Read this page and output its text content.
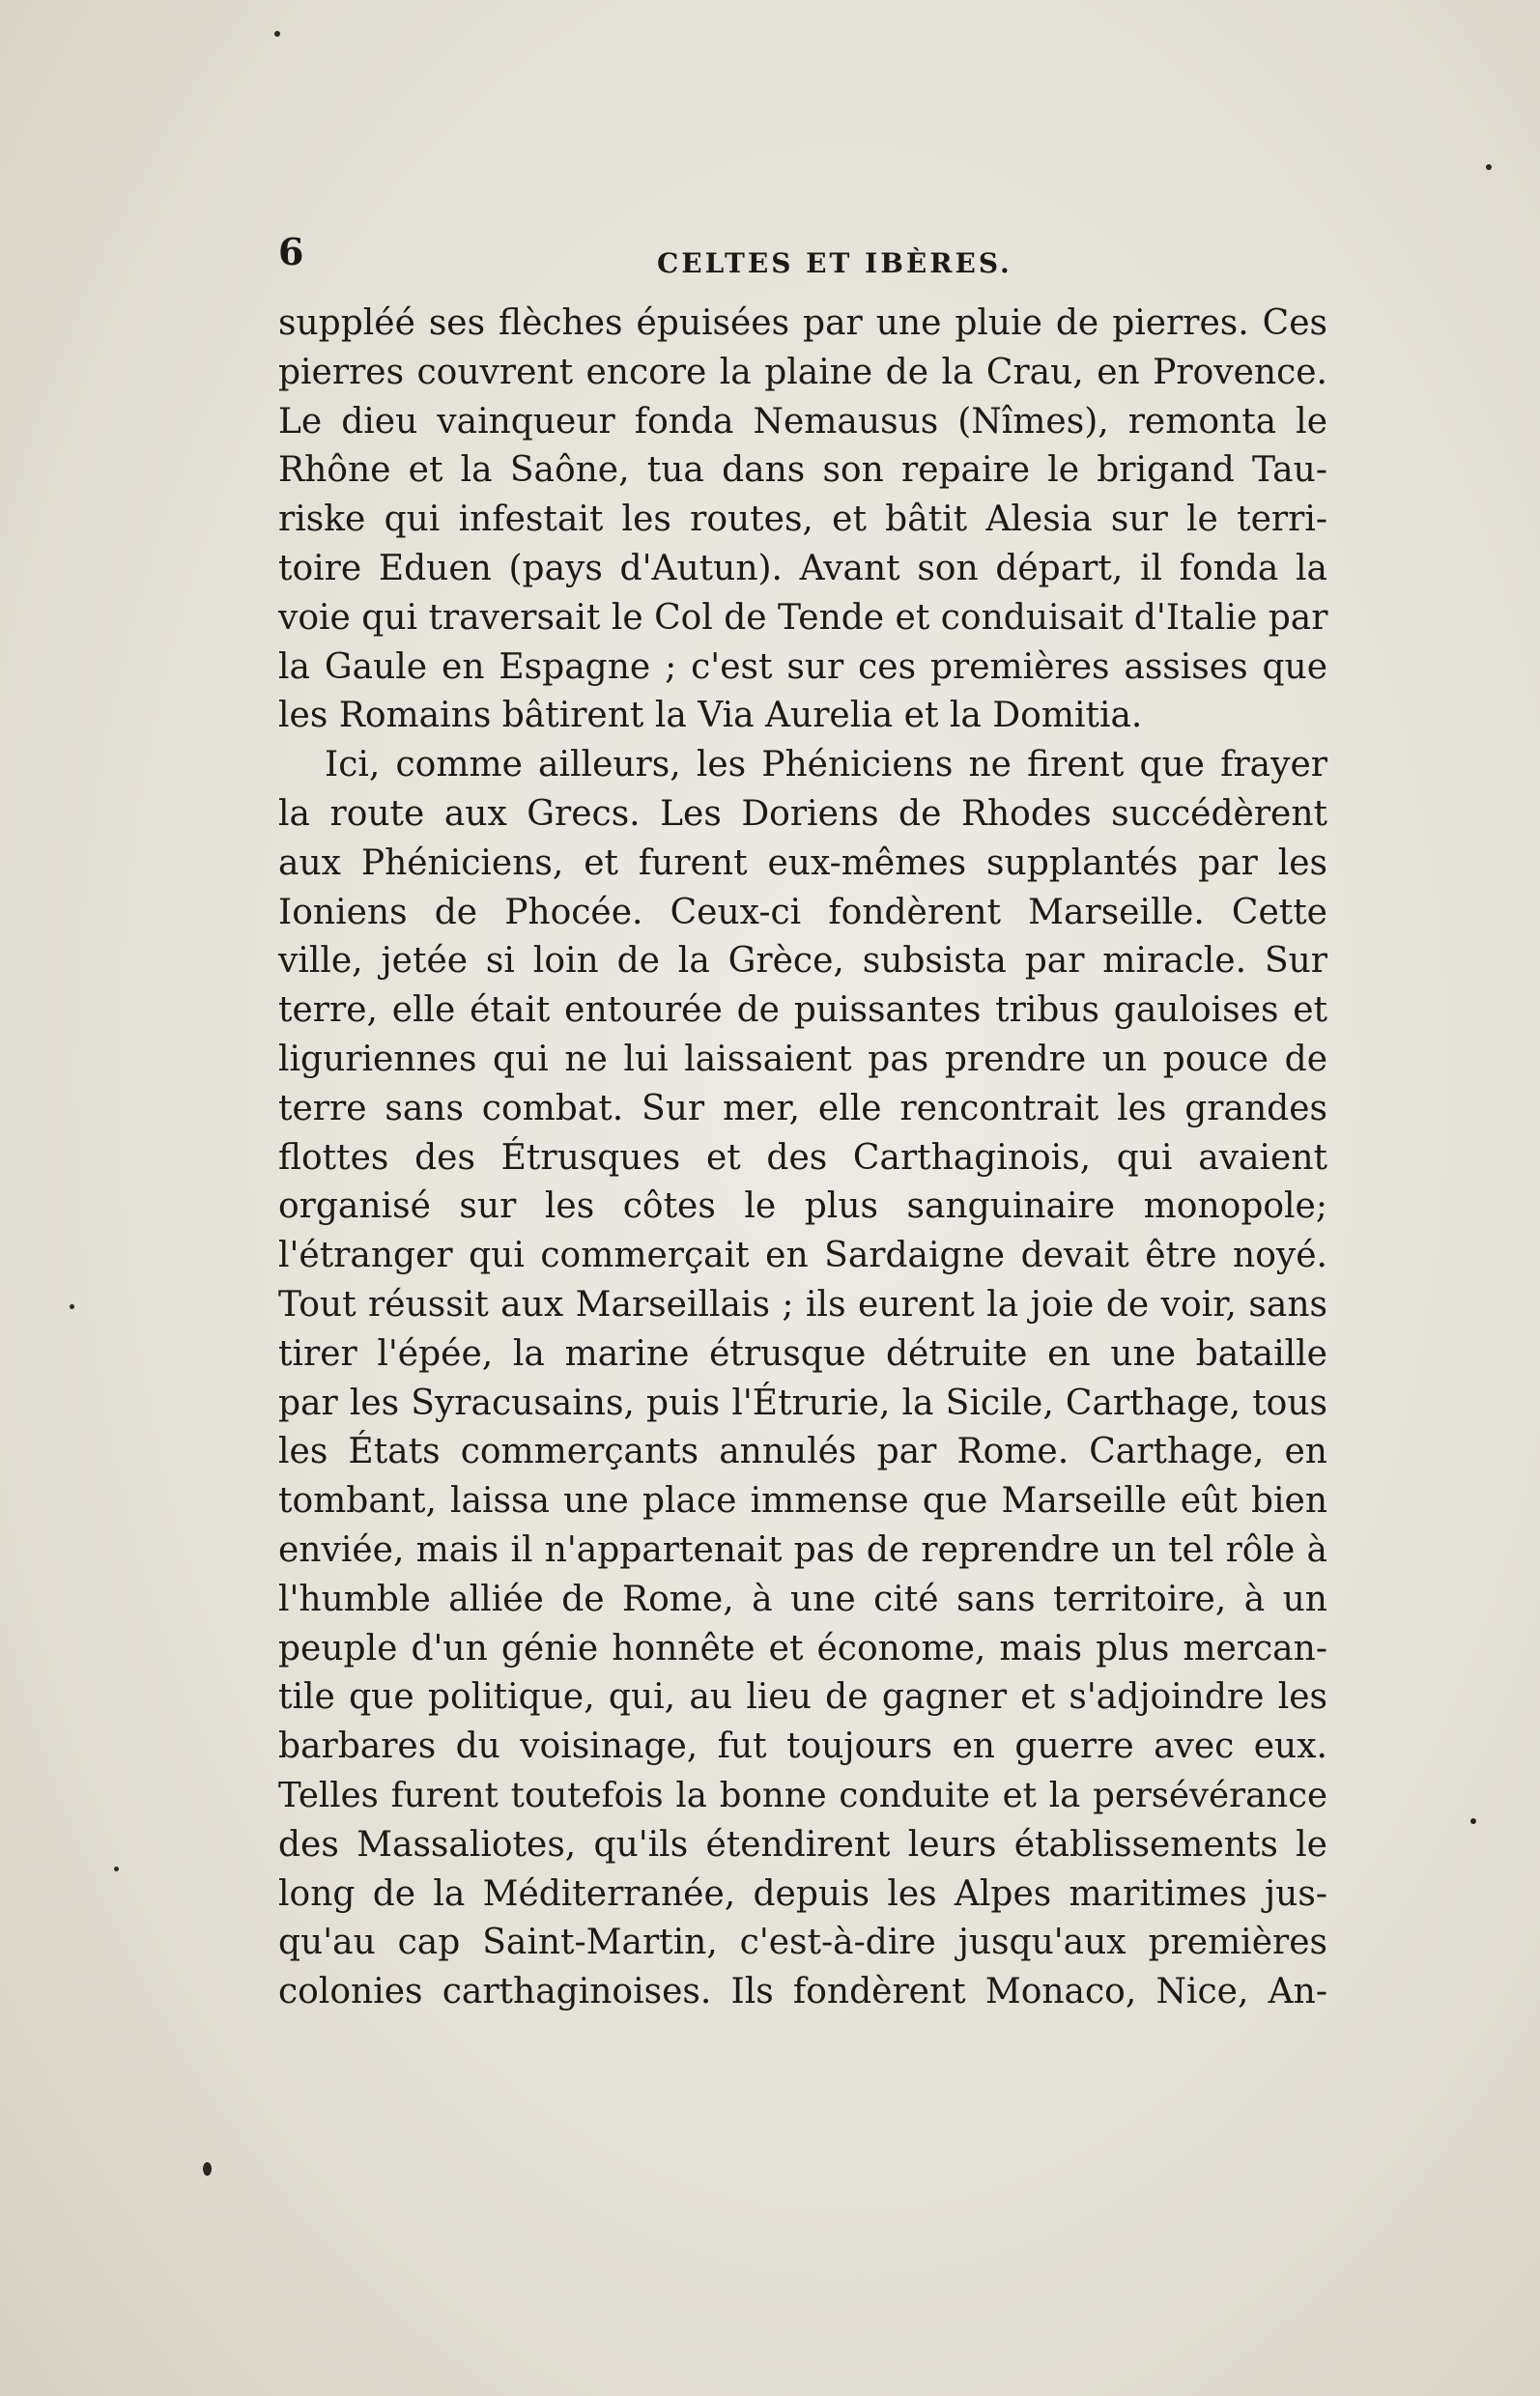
6	CELTES ET IBÈRES.
suppléé ses flèches épuisées par une pluie de pierres. Ces
pierres couvrent encore la plaine de la Crau, en Provence.
Le dieu vainqueur fonda Nemausus (Nîmes), remonta le
Rhône et la Saône, tua dans son repaire le brigand Tau-
riske qui infestait les routes, et bâtit Alesia sur le terri-
toire Eduen (pays d'Autun). Avant son départ, il fonda la
voie qui traversait le Col de Tende et conduisait d'Italie par
la Gaule en Espagne ; c'est sur ces premières assises que
les Romains bâtirent la Via Aurelia et la Domitia.
Ici, comme ailleurs, les Phéniciens ne firent que frayer
la route aux Grecs. Les Doriens de Rhodes succédèrent
aux Phéniciens, et furent eux-mêmes supplantés par les
Ioniens de Phocée. Ceux-ci fondèrent Marseille. Cette
ville, jetée si loin de la Grèce, subsista par miracle. Sur
terre, elle était entourée de puissantes tribus gauloises et
liguriennes qui ne lui laissaient pas prendre un pouce de
terre sans combat. Sur mer, elle rencontrait les grandes
flottes des Étrusques et des Carthaginois, qui avaient
organisé sur les côtes le plus sanguinaire monopole;
l'étranger qui commerçait en Sardaigne devait être noyé.
Tout réussit aux Marseillais ; ils eurent la joie de voir, sans
tirer l'épée, la marine étrusque détruite en une bataille
par les Syracusains, puis l'Étrurie, la Sicile, Carthage, tous
les États commerçants annulés par Rome. Carthage, en
tombant, laissa une place immense que Marseille eût bien
enviée, mais il n'appartenait pas de reprendre un tel rôle à
l'humble alliée de Rome, à une cité sans territoire, à un
peuple d'un génie honnête et économe, mais plus mercan-
tile que politique, qui, au lieu de gagner et s'adjoindre les
barbares du voisinage, fut toujours en guerre avec eux.
Telles furent toutefois la bonne conduite et la persévérance
des Massaliotes, qu'ils étendirent leurs établissements le
long de la Méditerranée, depuis les Alpes maritimes jus-
qu'au cap Saint-Martin, c'est-à-dire jusqu'aux premières
colonies carthaginoises. Ils fondèrent Monaco, Nice, An-
